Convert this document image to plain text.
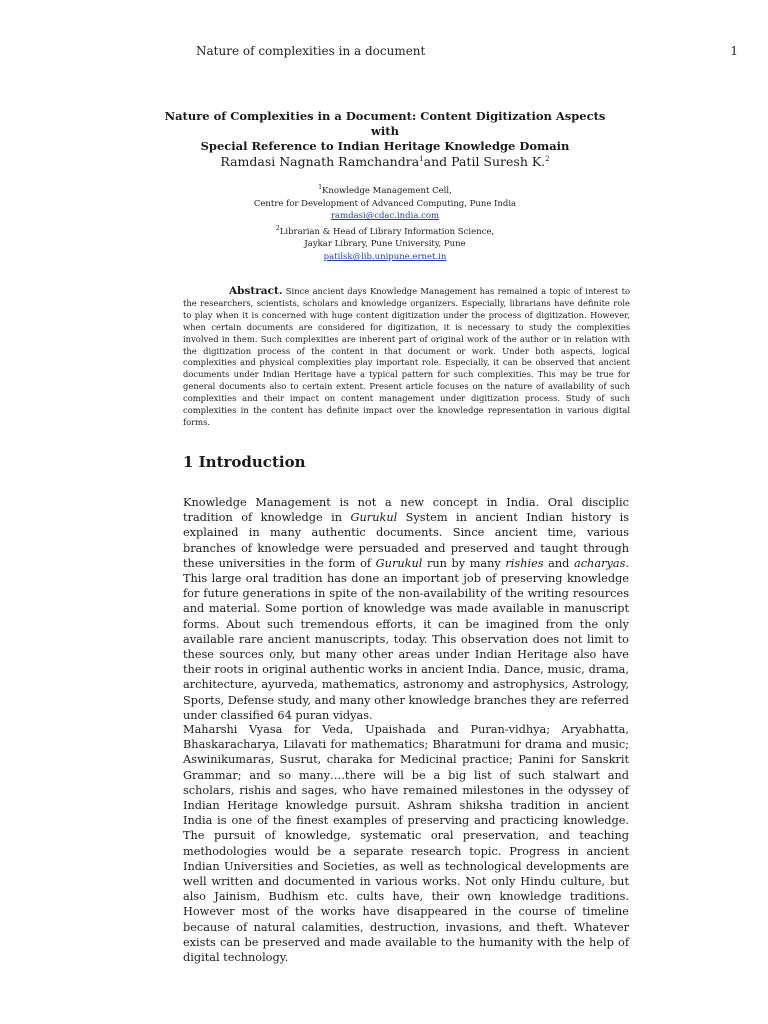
Nature of complexities in a document	1
Nature of Complexities in a Document: Content Digitization Aspects with
Special Reference to Indian Heritage Knowledge Domain
Ramdasi Nagnath Ramchandra$^1$and Patil Suresh K.$^2$
$^1$Knowledge Management Cell,
Centre for Development of Advanced Computing, Pune India
ramdasi@cdac.india.com
$^2$Librarian & Head of Library Information Science,
Jaykar Library, Pune University, Pune
patilsk@lib.unipune.ernet.in
Abstract. Since ancient days Knowledge Management has remained a topic of interest to the researchers, scientists, scholars and knowledge organizers. Especially, librarians have definite role to play when it is concerned with huge content digitization under the process of digitization. However, when certain documents are considered for digitization, it is necessary to study the complexities involved in them. Such complexities are inherent part of original work of the author or in relation with the digitization process of the content in that document or work. Under both aspects, logical complexities and physical complexities play important role. Especially, it can be observed that ancient documents under Indian Heritage have a typical pattern for such complexities. This may be true for general documents also to certain extent. Present article focuses on the nature of availability of such complexities and their impact on content management under digitization process. Study of such complexities in the content has definite impact over the knowledge representation in various digital forms.
1 Introduction

Knowledge Management is not a new concept in India. Oral disciplic tradition of knowledge in Gurukul System in ancient Indian history is explained in many authentic documents. Since ancient time, various branches of knowledge were persuaded and preserved and taught through these universities in the form of Gurukul run by many rishies and acharyas. This large oral tradition has done an important job of preserving knowledge for future generations in spite of the non-availability of the writing resources and material. Some portion of knowledge was made available in manuscript forms. About such tremendous efforts, it can be imagined from the only available rare ancient manuscripts, today. This observation does not limit to these sources only, but many other areas under Indian Heritage also have their roots in original authentic works in ancient India. Dance, music, drama, architecture, ayurveda, mathematics, astronomy and astrophysics, Astrology, Sports, Defense study, and many other knowledge branches they are referred under classified 64 puran vidyas.

Maharshi Vyasa for Veda, Upaishada and Puran-vidhya; Aryabhatta, Bhaskaracharya, Lilavati for mathematics; Bharatmuni for drama and music; Aswinikumaras, Susrut, charaka for Medicinal practice; Panini for Sanskrit Grammar; and so many….there will be a big list of such stalwart and scholars, rishis and sages, who have remained milestones in the odyssey of Indian Heritage knowledge pursuit. Ashram shiksha tradition in ancient India is one of the finest examples of preserving and practicing knowledge. The pursuit of knowledge, systematic oral preservation, and teaching methodologies would be a separate research topic. Progress in ancient Indian Universities and Societies, as well as technological developments are well written and documented in various works. Not only Hindu culture, but also Jainism, Budhism etc. cults have, their own knowledge traditions. However most of the works have disappeared in the course of timeline because of natural calamities, destruction, invasions, and theft. Whatever exists can be preserved and made available to the humanity with the help of digital technology.
